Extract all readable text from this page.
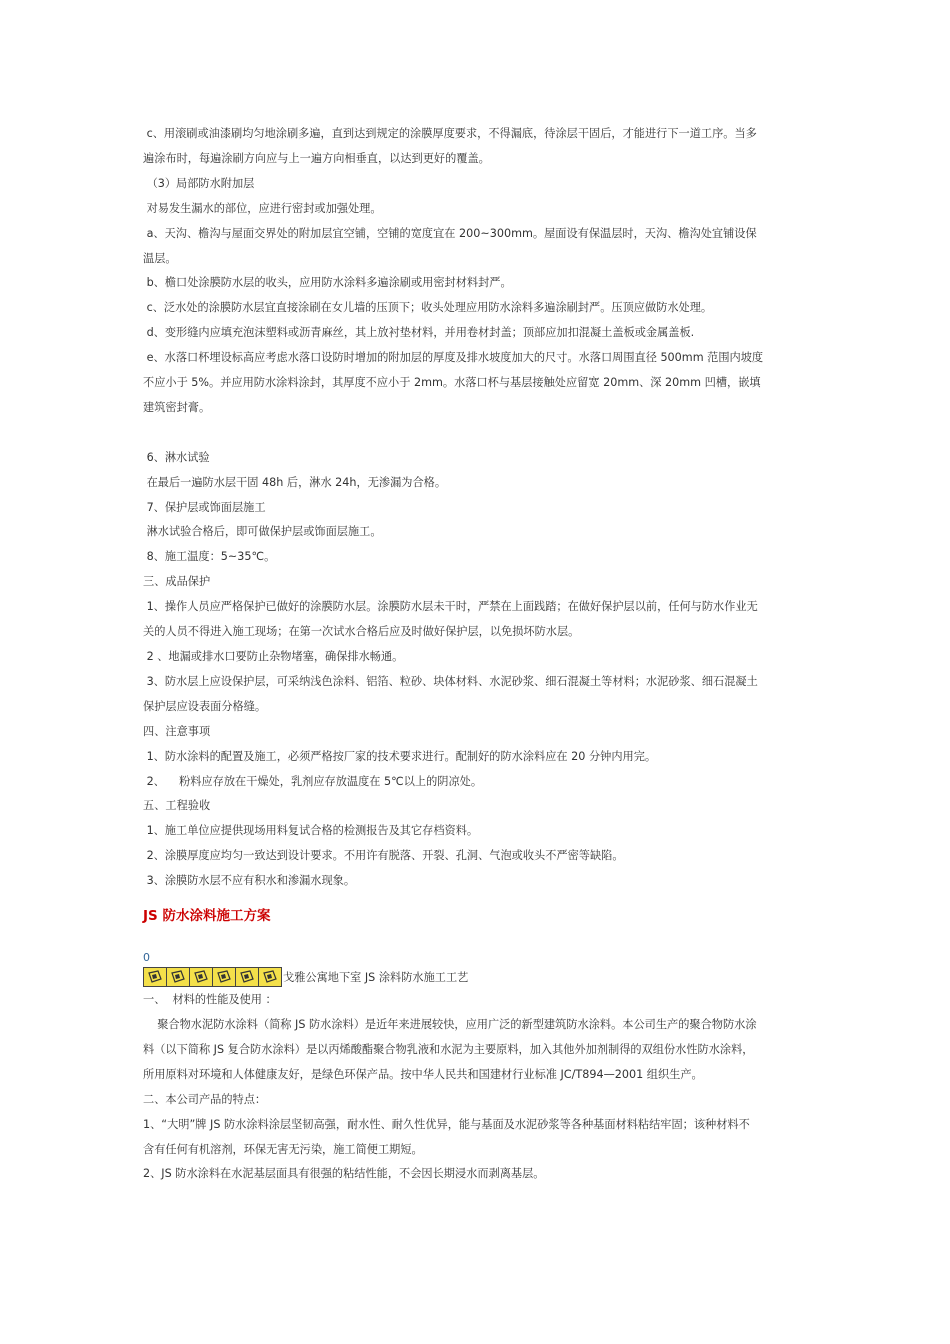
c、用滚刷或油漆刷均匀地涂刷多遍，直到达到规定的涂膜厚度要求，不得漏底，待涂层干固后，才能进行下一道工序。当多

遍涂布时，每遍涂刷方向应与上一遍方向相垂直，以达到更好的覆盖。

（3）局部防水附加层

对易发生漏水的部位，应进行密封或加强处理。

a、天沟、檐沟与屋面交界处的附加层宜空铺，空铺的宽度宜在 200~300mm。屋面设有保温层时，天沟、檐沟处宜铺设保

温层。

b、檐口处涂膜防水层的收头，应用防水涂料多遍涂刷或用密封材料封严。

c、泛水处的涂膜防水层宜直接涂刷在女儿墙的压顶下；收头处理应用防水涂料多遍涂刷封严。压顶应做防水处理。

d、变形缝内应填充泡沫塑料或沥青麻丝，其上放衬垫材料，并用卷材封盖；顶部应加扣混凝土盖板或金属盖板.

e、水落口杯埋设标高应考虑水落口设防时增加的附加层的厚度及排水坡度加大的尺寸。水落口周围直径 500mm 范围内坡度

不应小于 5%。并应用防水涂料涂封，其厚度不应小于 2mm。水落口杯与基层接触处应留宽 20mm、深 20mm 凹槽，嵌填

建筑密封膏。

6、淋水试验

在最后一遍防水层干固 48h 后，淋水 24h，无渗漏为合格。

7、保护层或饰面层施工

淋水试验合格后，即可做保护层或饰面层施工。

8、施工温度：5~35℃。

三、成品保护

1、操作人员应严格保护已做好的涂膜防水层。涂膜防水层未干时，严禁在上面践踏；在做好保护层以前，任何与防水作业无

关的人员不得进入施工现场；在第一次试水合格后应及时做好保护层，以免损坏防水层。

2 、地漏或排水口要防止杂物堵塞，确保排水畅通。

3、防水层上应设保护层，可采纳浅色涂料、铝箔、粒砂、块体材料、水泥砂浆、细石混凝土等材料；水泥砂浆、细石混凝土

保护层应设表面分格缝。

四、注意事项

1、防水涂料的配置及施工，必须严格按厂家的技术要求进行。配制好的防水涂料应在 20 分钟内用完。

2、    粉料应存放在干燥处，乳剂应存放温度在 5℃以上的阴凉处。

五、工程验收

1、施工单位应提供现场用料复试合格的检测报告及其它存档资料。

2、涂膜厚度应均匀一致达到设计要求。不用许有脱落、开裂、孔洞、气泡或收头不严密等缺陷。

3、涂膜防水层不应有积水和渗漏水现象。

JS 防水涂料施工方案
0
戈雅公寓地下室 JS 涂料防水施工工艺

一、  材料的性能及使用 ：

聚合物水泥防水涂料（简称 JS 防水涂料）是近年来进展较快，应用广泛的新型建筑防水涂料。本公司生产的聚合物防水涂

料（以下简称 JS 复合防水涂料）是以丙烯酸酯聚合物乳液和水泥为主要原料，加入其他外加剂制得的双组份水性防水涂料，

所用原料对环境和人体健康友好，是绿色环保产品。按中华人民共和国建材行业标准 JC/T894—2001 组织生产。

二、本公司产品的特点：

1、“大明”牌 JS 防水涂料涂层坚韧高强，耐水性、耐久性优异，能与基面及水泥砂浆等各种基面材料粘结牢固；该种材料不

含有任何有机溶剂，环保无害无污染，施工简便工期短。

2、JS 防水涂料在水泥基层面具有很强的粘结性能，不会因长期浸水而剥离基层。
